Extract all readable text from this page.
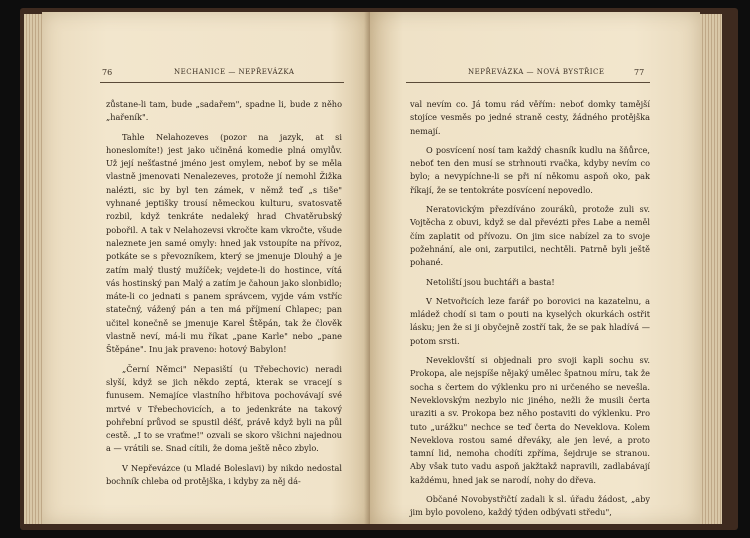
76	NECHANICE — NEPŘEVÁZKA

zůstane-li tam, bude „sadařem", spadne li, bude z něho „hařeník".

Tahle Nelahozeves (pozor na jazyk, at si honeslomíte!) jest jako učiněná komedie plná omylův. Už její nešťastné jméno jest omylem, neboť by se měla vlastně jmenovati Nenalezeves, protože jí nemohl Žižka nalézti, sic by byl ten zámek, v němž teď „s tiše" vyhnané jeptišky trousí německou kulturu, svatosvatě rozbil, když tenkráte nedaleký hrad Chvatěrubský pobořil. A tak v Nelahozevsi vkročte kam vkročte, všude naleznete jen samé omyly: hned jak vstoupíte na přívoz, potkáte se s převozníkem, který se jmenuje Dlouhý a je zatím malý tlustý mužíček; vejdete-li do hostince, vítá vás hostinský pan Malý a zatím je čahoun jako slonbidlo; máte-li co jednati s panem správcem, vyjde vám vstříc statečný, vážený pán a ten má příjmení Chlapec; pan učitel konečně se jmenuje Karel Štěpán, tak že člověk vlastně neví, má-li mu říkat „pane Karle" nebo „pane Štěpáne". Inu jak praveno: hotový Babylon!

„Černí Němci" Nepasiští (u Třebechovic) neradi slyší, když se jich někdo zeptá, kterak se vracejí s funusem. Nemajíce vlastního hřbitova pochovávají své mrtvé v Třebechovicích, a to jedenkráte na takový pohřební průvod se spustil déšť, právě když byli na půl cestě. „I to se vraťme!" ozvali se skoro všichni najednou a — vrátili se. Snad cítili, že doma ještě něco zbylo.

V Nepřevázce (u Mladé Boleslavi) by nikdo nedostal bochník chleba od protějška, i kdyby za něj dá-

NEPŘEVÁZKA — NOVÁ BYSTŘICE	77

val nevím co. Já tomu rád věřím: neboť domky tamější stojíce vesměs po jedné straně cesty, žádného protějška nemají.

O posvícení nosí tam každý chasník kudlu na šňůrce, neboť ten den musí se strhnouti rvačka, kdyby nevím co bylo; a nevypíchne-li se při ní někomu aspoň oko, pak říkají, že se tentokráte posvícení nepovedlo.

Neratovickým přezdíváno zourákû, protože zuli sv. Vojtěcha z obuvi, když se dal převézti přes Labe a neměl čím zaplatit od přívozu. On jim sice nabízel za to svoje požehnání, ale oni, zarputilci, nechtěli. Patrně byli ještě pohané.

Netoliští jsou buchtáři a basta!

V Netvořicích leze farář po borovici na kazatelnu, a mládež chodí si tam o pouti na kyselých okurkách ostřit lásku; jen že si ji obyčejně zostří tak, že se pak hladívá — potom srsti.

Neveklovští si objednali pro svoji kapli sochu sv. Prokopa, ale nejspíše nějaký umělec špatnou míru, tak že socha s čertem do výklenku pro ni určeného se nevešla. Neveklovským nezbylo nic jiného, nežli že musili čerta uraziti a sv. Prokopa bez něho postaviti do výklenku. Pro tuto „urážku" nechce se teď čerta do Neveklova. Kolem Neveklova rostou samé dřeváky, ale jen levé, a proto tamní lid, nemoha chodíti zpříma, šejdruje se stranou. Aby však tuto vadu aspoň jakžtakž napravili, zadlabávají každému, hned jak se narodí, nohy do dřeva.

Občané Novobystřičtí zadali k sl. úřadu žádost, „aby jim bylo povoleno, každý týden odbývati středu",
